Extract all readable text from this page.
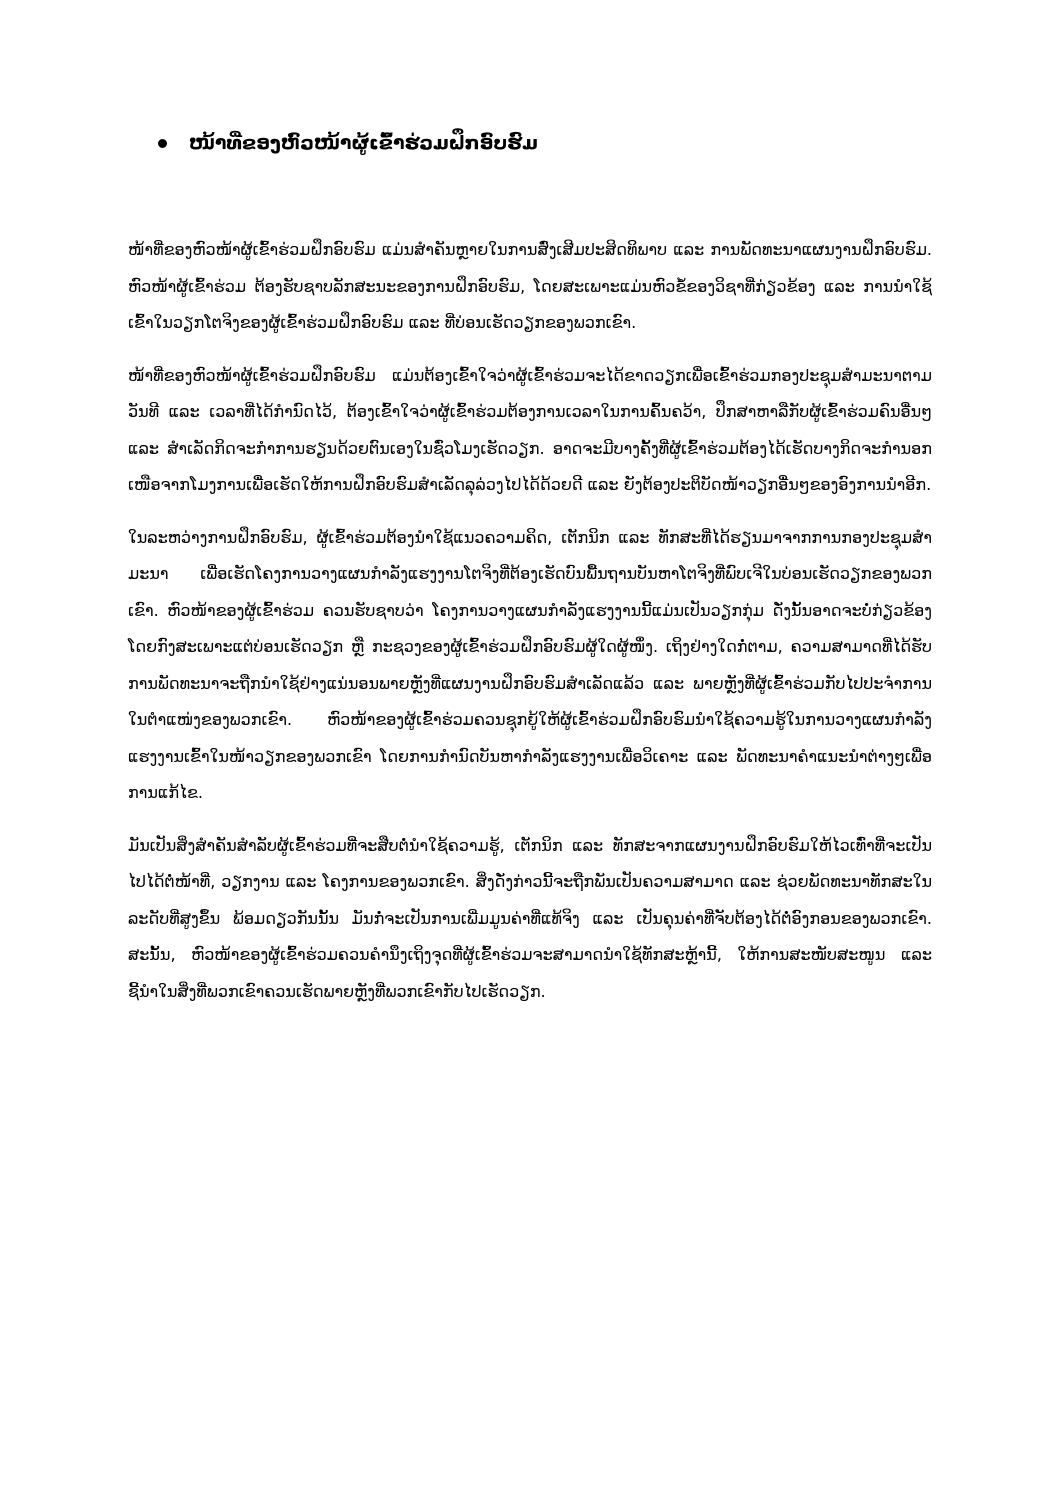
ໜ້າທີ່ຂອງຫົວໜ້າຜູ້ເຂົ້າຮ່ວມຝຶກອົບຮົມ

ໜ້າທີ່ຂອງຫົວໜ້າຜູ້ເຂົ້າຮ່ວມຝຶກອົບຮົມ ແມ່ນສຳຄັນຫຼາຍໃນການສົ່ງເສີມປະສິດທິພາບ ແລະ ການພັດທະນາແຜນງານຝຶກອົບຮົມ. ຫົວໜ້າຜູ້ເຂົ້າຮ່ວມ ຕ້ອງຮັບຊາບລັກສະນະຂອງການຝຶກອົບຮົມ, ໂດຍສະເພາະແມ່ນຫົວຂໍ້ຂອງວິຊາທີ່ກ່ຽວຂ້ອງ ແລະ ການນຳໃຊ້ເຂົ້າໃນວຽກໂຕຈິງຂອງຜູ້ເຂົ້າຮ່ວມຝຶກອົບຮົມ ແລະ ທີ່ບ່ອນເຮັດວຽກຂອງພວກເຂົາ.

ໜ້າທີ່ຂອງຫົວໜ້າຜູ້ເຂົ້າຮ່ວມຝຶກອົບຮົມ ແມ່ນຕ້ອງເຂົ້າໃຈວ່າຜູ້ເຂົ້າຮ່ວມຈະໄດ້ຂາດວຽກເພື່ອເຂົ້າຮ່ວມກອງປະຊຸມສຳມະນາຕາມວັນທີ ແລະ ເວລາທີ່ໄດ້ກຳນົດໄວ້, ຕ້ອງເຂົ້າໃຈວ່າຜູ້ເຂົ້າຮ່ວມຕ້ອງການເວລາໃນການຄົ້ນຄວ້າ, ປຶກສາຫາລືກັບຜູ້ເຂົ້າຮ່ວມຄົນອື່ນໆ ແລະ ສຳເລັດກິດຈະກຳການຮຽນດ້ວຍຕົນເອງໃນຊົ່ວໂມງເຮັດວຽກ. ອາດຈະມີບາງຄັ້ງທີ່ຜູ້ເຂົ້າຮ່ວມຕ້ອງໄດ້ເຮັດບາງກິດຈະກຳນອກເໜືອຈາກໂມງການເພື່ອເຮັດໃຫ້ການຝຶກອົບຮົມສຳເລັດລຸລ່ວງໄປໄດ້ດ້ວຍດີ ແລະ ຍັງຕ້ອງປະຕິບັດໜ້າວຽກອື່ນໆຂອງອົງການນຳອີກ.

ໃນລະຫວ່າງການຝຶກອົບຮົມ, ຜູ້ເຂົ້າຮ່ວມຕ້ອງນຳໃຊ້ແນວຄວາມຄິດ, ເຕັກນິກ ແລະ ທັກສະທີ່ໄດ້ຮຽນມາຈາກການກອງປະຊຸມສຳມະນາ ເພື່ອເຮັດໂຄງການວາງແຜນກຳລັງແຮງງານໂຕຈິງທີ່ຕ້ອງເຮັດບົນພື້ນຖານບັນຫາໂຕຈິງທີ່ພົບເຈີໃນບ່ອນເຮັດວຽກຂອງພວກເຂົາ. ຫົວໜ້າຂອງຜູ້ເຂົ້າຮ່ວມ ຄວນຮັບຊາບວ່າ ໂຄງການວາງແຜນກຳລັງແຮງງານນີ້ແມ່ນເປັນວຽກກຸ່ມ ດັ່ງນັ້ນອາດຈະບໍ່ກ່ຽວຂ້ອງໂດຍກົງສະເພາະແຕ່ບ່ອນເຮັດວຽກ ຫຼື ກະຊວງຂອງຜູ້ເຂົ້າຮ່ວມຝຶກອົບຮົມຜູ້ໃດຜູ້ໜຶ່ງ. ເຖິງຢ່າງໃດກໍ່ຕາມ, ຄວາມສາມາດທີ່ໄດ້ຮັບການພັດທະນາຈະຖືກນຳໃຊ້ຢ່າງແນ່ນອນພາຍຫຼັງທີ່ແຜນງານຝຶກອົບຮົມສຳເລັດແລ້ວ ແລະ ພາຍຫຼັງທີ່ຜູ້ເຂົ້າຮ່ວມກັບໄປປະຈຳການໃນຕຳແໜ່ງຂອງພວກເຂົາ. ຫົວໜ້າຂອງຜູ້ເຂົ້າຮ່ວມຄວນຊຸກຍູ້ໃຫ້ຜູ້ເຂົ້າຮ່ວມຝຶກອົບຮົມນຳໃຊ້ຄວາມຮູ້ໃນການວາງແຜນກຳລັງແຮງງານເຂົ້າໃນໜ້າວຽກຂອງພວກເຂົາ ໂດຍການກຳນົດບັນຫາກຳລັງແຮງງານເພື່ອວິເຄາະ ແລະ ພັດທະນາຄຳແນະນຳຕ່າງໆເພື່ອການແກ້ໄຂ.

ມັນເປັນສິ່ງສຳຄັນສຳລັບຜູ້ເຂົ້າຮ່ວມທີ່ຈະສືບຕໍ່ນຳໃຊ້ຄວາມຮູ້, ເຕັກນິກ ແລະ ທັກສະຈາກແຜນງານຝຶກອົບຮົມໃຫ້ໄວເທົ່າທີ່ຈະເປັນໄປໄດ້ຕໍ່ໜ້າທີ່, ວຽກງານ ແລະ ໂຄງການຂອງພວກເຂົາ. ສິ່ງດັ່ງກ່າວນີ້ຈະຖືກພັນເປັນຄວາມສາມາດ ແລະ ຊ່ວຍພັດທະນາທັກສະໃນລະດັບທີ່ສູງຂຶ້ນ ພ້ອມດຽວກັນນັ້ນ ມັນກໍ່ຈະເປັນການເພີ່ມມູນຄ່າທີ່ແທ້ຈິງ ແລະ ເປັນຄຸນຄ່າທີ່ຈັບຕ້ອງໄດ້ຕໍ່ອົງກອນຂອງພວກເຂົາ. ສະນັ້ນ, ຫົວໜ້າຂອງຜູ້ເຂົ້າຮ່ວມຄວນຄຳນຶງເຖິງຈຸດທີ່ຜູ້ເຂົ້າຮ່ວມຈະສາມາດນຳໃຊ້ທັກສະຫຼ້ານີ້, ໃຫ້ການສະໜັບສະໜູນ ແລະ ຊີ້ນຳໃນສິ່ງທີ່ພວກເຂົາຄວນເຮັດພາຍຫຼັງທີ່ພວກເຂົາກັບໄປເຮັດວຽກ.
